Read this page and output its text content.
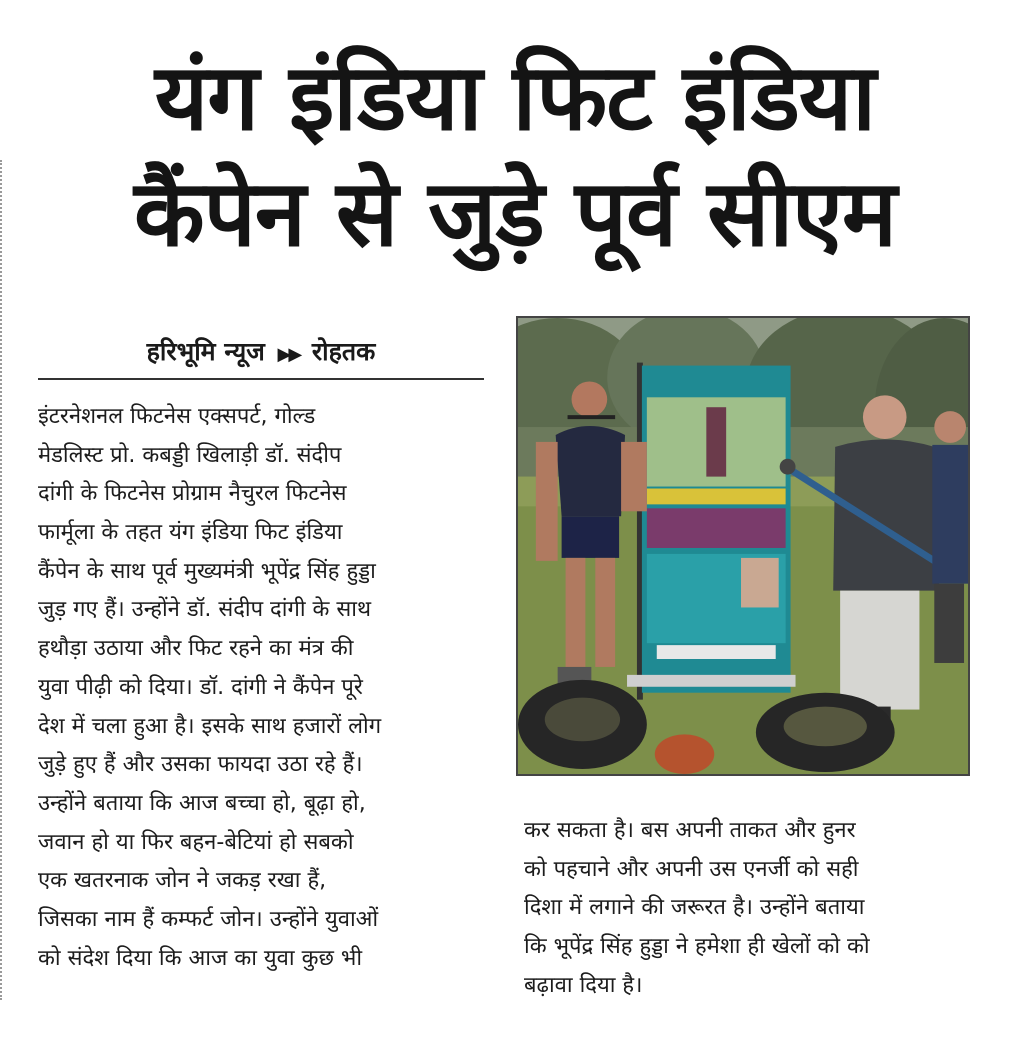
यंग इंडिया फिट इंडिया
कैंपेन से जुड़े पूर्व सीएम
हरिभूमि न्यूज ▶▶ रोहतक
इंटरनेशनल फिटनेस एक्सपर्ट, गोल्ड
मेडलिस्ट प्रो. कबड्डी खिलाड़ी डॉ. संदीप
दांगी के फिटनेस प्रोग्राम नैचुरल फिटनेस
फार्मूला के तहत यंग इंडिया फिट इंडिया
कैंपेन के साथ पूर्व मुख्यमंत्री भूपेंद्र सिंह हुड्डा
जुड़ गए हैं। उन्होंने डॉ. संदीप दांगी के साथ
हथौड़ा उठाया और फिट रहने का मंत्र की
युवा पीढ़ी को दिया। डॉ. दांगी ने कैंपेन पूरे
देश में चला हुआ है। इसके साथ हजारों लोग
जुड़े हुए हैं और उसका फायदा उठा रहे हैं।
उन्होंने बताया कि आज बच्चा हो, बूढ़ा हो,
जवान हो या फिर बहन-बेटियां हो सबको
एक खतरनाक जोन ने जकड़ रखा हैं,
जिसका नाम हैं कम्फर्ट जोन। उन्होंने युवाओं
को संदेश दिया कि आज का युवा कुछ भी
कर सकता है। बस अपनी ताकत और हुनर
को पहचाने और अपनी उस एनर्जी को सही
दिशा में लगाने की जरूरत है। उन्होंने बताया
कि भूपेंद्र सिंह हुड्डा ने हमेशा ही खेलों को को
बढ़ावा दिया है।
